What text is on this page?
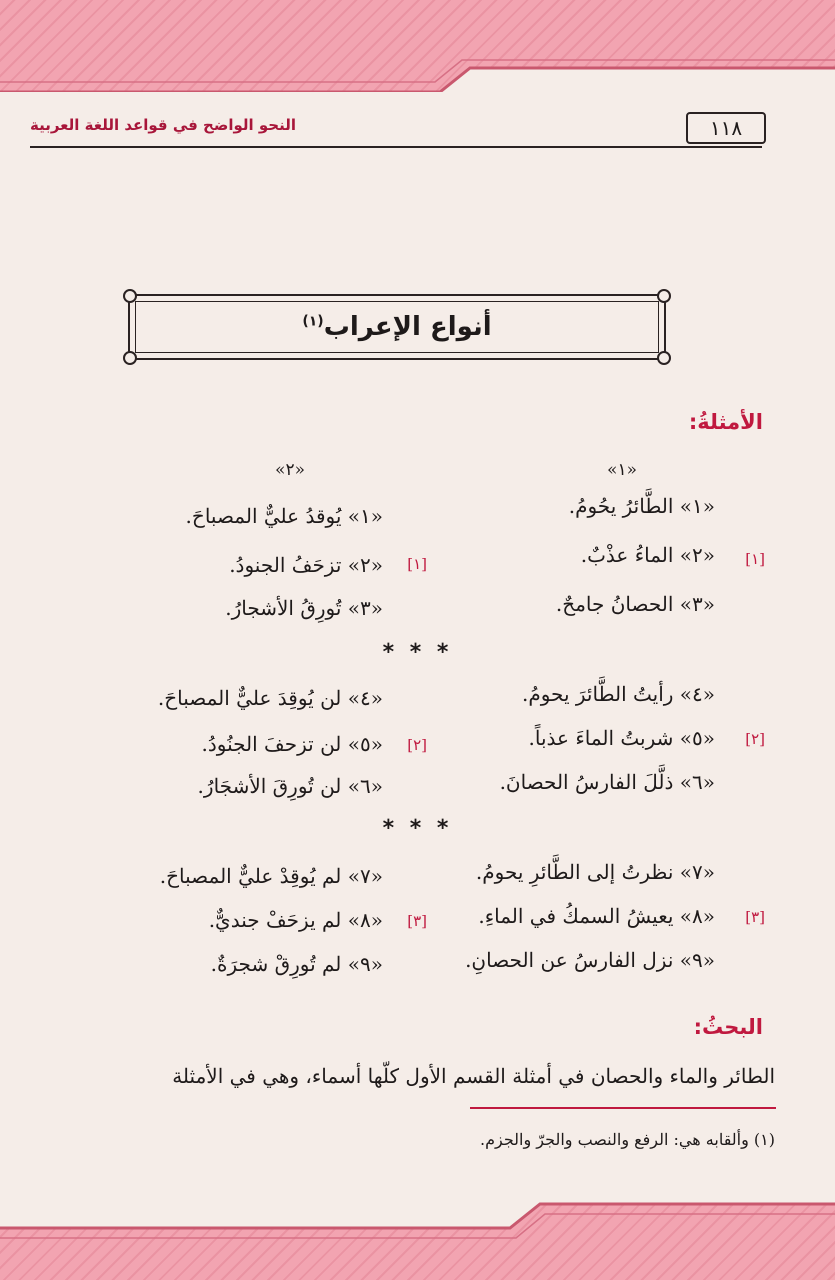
النحو الواضح في قواعد اللغة العربية	١١٨
أنواع الإعراب$^{(١)}$
الأمثلةُ:
«١»
«٢»
«١» الطَّائرُ يحُومُ.
«٢» الماءُ عذْبٌ.
«٣» الحصانُ جامحٌ.
[١]
«١» يُوقدُ عليٌّ المصباحَ.
«٢» تزحَفُ الجنودُ.
«٣» تُورِقُ الأشجارُ.
[١]
* * *
«٤» رأيتُ الطَّائرَ يحومُ.
«٥» شربتُ الماءَ عذباً.
«٦» ذلَّلَ الفارسُ الحصانَ.
[٢]
«٤» لن يُوقِدَ عليٌّ المصباحَ.
«٥» لن تزحفَ الجنُودُ.
«٦» لن تُورِقَ الأشجَارُ.
[٢]
* * *
«٧» نظرتُ إلى الطَّائرِ يحومُ.
«٨» يعيشُ السمكُ في الماءِ.
«٩» نزل الفارسُ عن الحصانِ.
[٣]
«٧» لم يُوقِدْ عليٌّ المصباحَ.
«٨» لم يزحَفْ جنديٌّ.
«٩» لم تُورِقْ شجرَةٌ.
[٣]
البحثُ:
الطائر والماء والحصان في أمثلة القسم الأول كلّها أسماء، وهي في الأمثلة
(١) وألقابه هي: الرفع والنصب والجرّ والجزم.
